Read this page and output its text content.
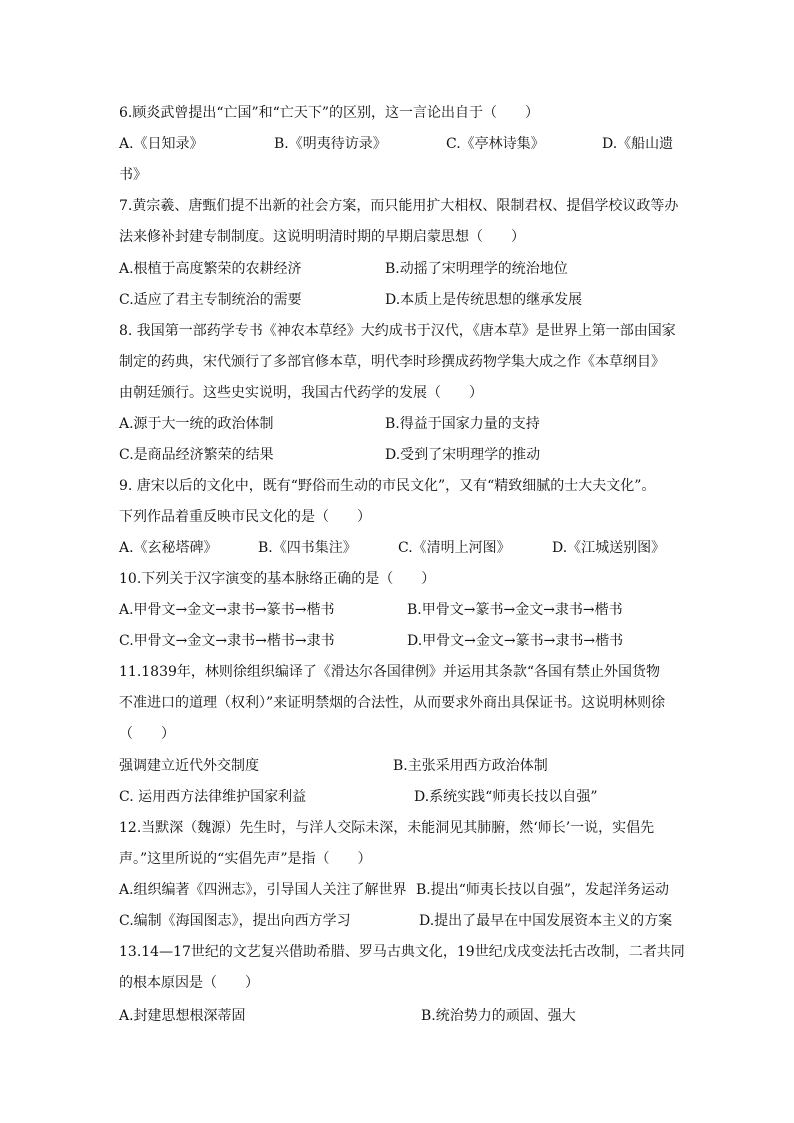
6.顾炎武曾提出“亡国”和“亡天下”的区别，这一言论出自于（　　）
A.《日知录》	B.《明夷待访录》	C.《亭林诗集》	D.《船山遗
书》
7.黄宗羲、唐甄们提不出新的社会方案，而只能用扩大相权、限制君权、提倡学校议政等办
法来修补封建专制制度。这说明明清时期的早期启蒙思想（　　）
A.根植于高度繁荣的农耕经济	B.动摇了宋明理学的统治地位
C.适应了君主专制统治的需要	D.本质上是传统思想的继承发展
8. 我国第一部药学专书《神农本草经》大约成书于汉代，《唐本草》是世界上第一部由国家
制定的药典，宋代颁行了多部官修本草，明代李时珍撰成药物学集大成之作《本草纲目》
由朝廷颁行。这些史实说明，我国古代药学的发展（　　）
A.源于大一统的政治体制	B.得益于国家力量的支持
C.是商品经济繁荣的结果	D.受到了宋明理学的推动
9. 唐宋以后的文化中，既有“野俗而生动的市民文化”，又有“精致细腻的士大夫文化”。
下列作品着重反映市民文化的是（　　）
A.《玄秘塔碑》	B.《四书集注》	C.《清明上河图》	D.《江城送别图》
10.下列关于汉字演变的基本脉络正确的是（　　）
A.甲骨文→金文→隶书→篆书→楷书	B.甲骨文→篆书→金文→隶书→楷书
C.甲骨文→金文→隶书→楷书→隶书	D.甲骨文→金文→篆书→隶书→楷书
11.1839年，林则徐组织编译了《滑达尔各国律例》并运用其条款“各国有禁止外国货物
不准进口的道理（权利）”来证明禁烟的合法性，从而要求外商出具保证书。这说明林则徐
（　　）
强调建立近代外交制度	B.主张采用西方政治体制
C. 运用西方法律维护国家利益	D.系统实践“师夷长技以自强”
12.当默深（魏源）先生时，与洋人交际未深，未能洞见其肺腑，然‘师长’一说，实倡先
声。”这里所说的“实倡先声”是指（　　）
A.组织编著《四洲志》，引导国人关注了解世界 B.提出“师夷长技以自强”，发起洋务运动
C.编制《海国图志》，提出向西方学习	D.提出了最早在中国发展资本主义的方案
13.14—17世纪的文艺复兴借助希腊、罗马古典文化，19世纪戊戌变法托古改制，二者共同
的根本原因是（　　）
A.封建思想根深蒂固	B.统治势力的顽固、强大
